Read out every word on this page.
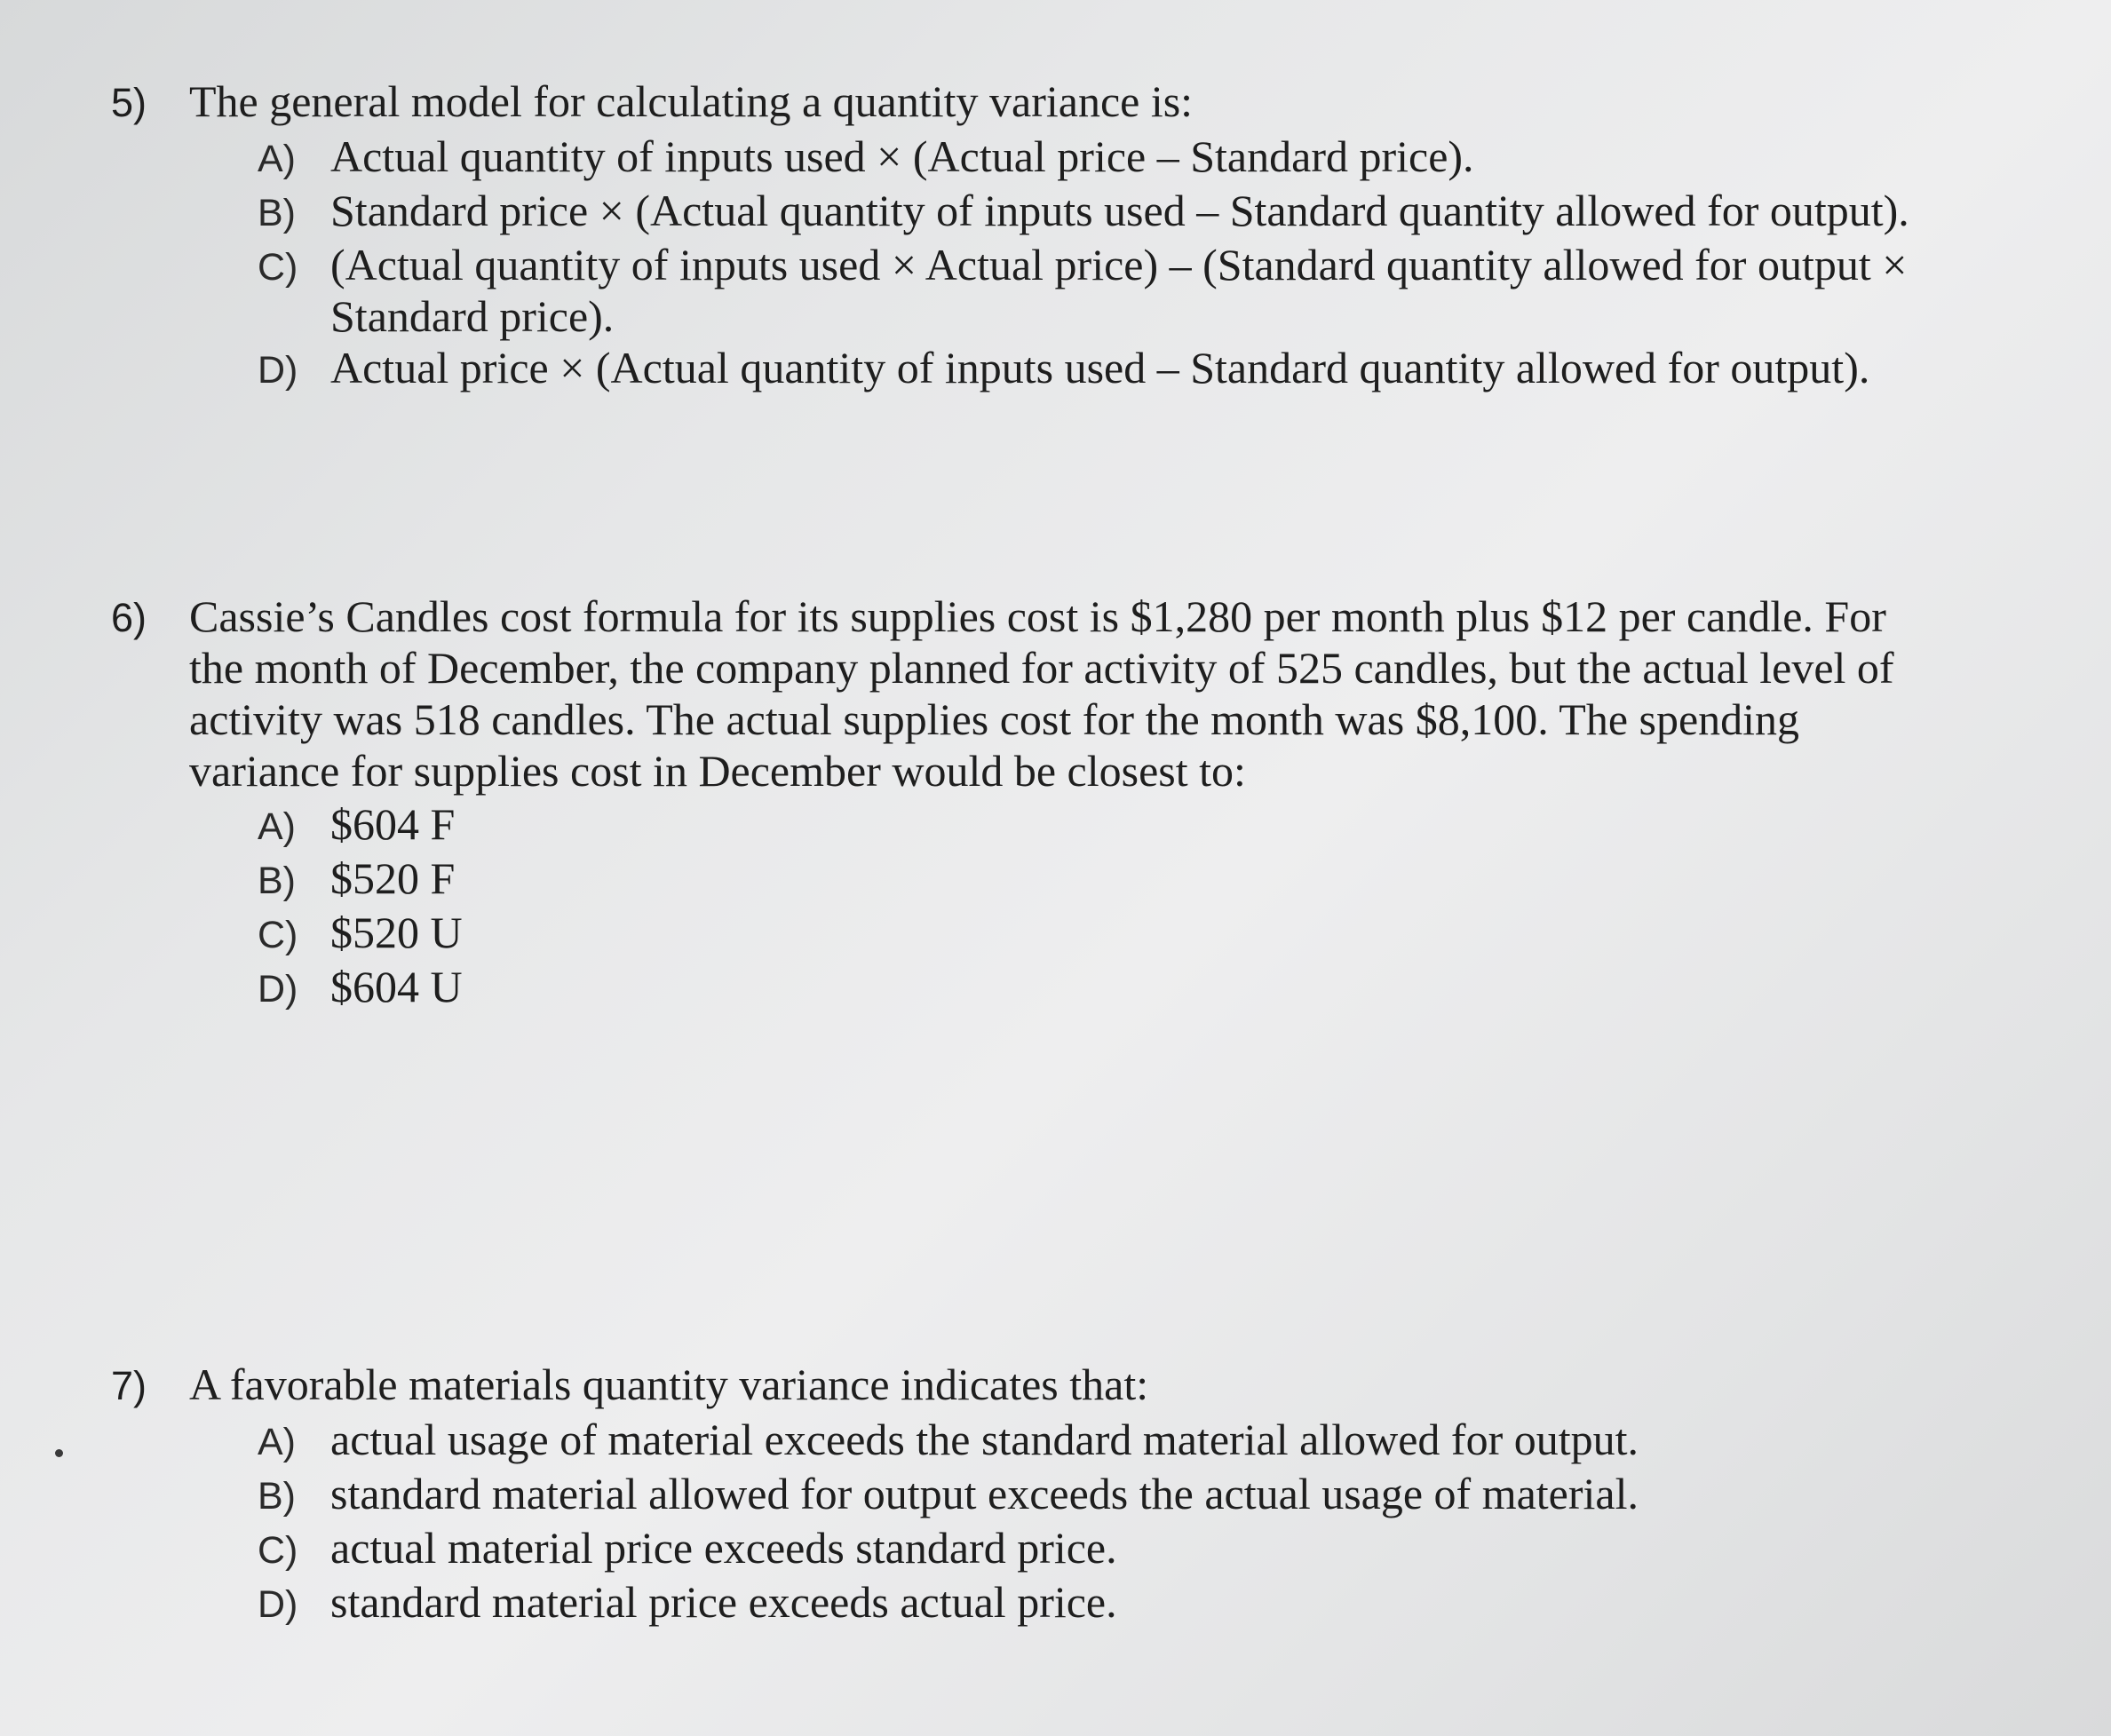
5) The general model for calculating a quantity variance is:
A) Actual quantity of inputs used × (Actual price – Standard price).
B) Standard price × (Actual quantity of inputs used – Standard quantity allowed for output).
C) (Actual quantity of inputs used × Actual price) – (Standard quantity allowed for output × Standard price).
D) Actual price × (Actual quantity of inputs used – Standard quantity allowed for output).
6) Cassie’s Candles cost formula for its supplies cost is $1,280 per month plus $12 per candle. For the month of December, the company planned for activity of 525 candles, but the actual level of activity was 518 candles. The actual supplies cost for the month was $8,100. The spending variance for supplies cost in December would be closest to:
A) $604 F
B) $520 F
C) $520 U
D) $604 U
7) A favorable materials quantity variance indicates that:
A) actual usage of material exceeds the standard material allowed for output.
B) standard material allowed for output exceeds the actual usage of material.
C) actual material price exceeds standard price.
D) standard material price exceeds actual price.
